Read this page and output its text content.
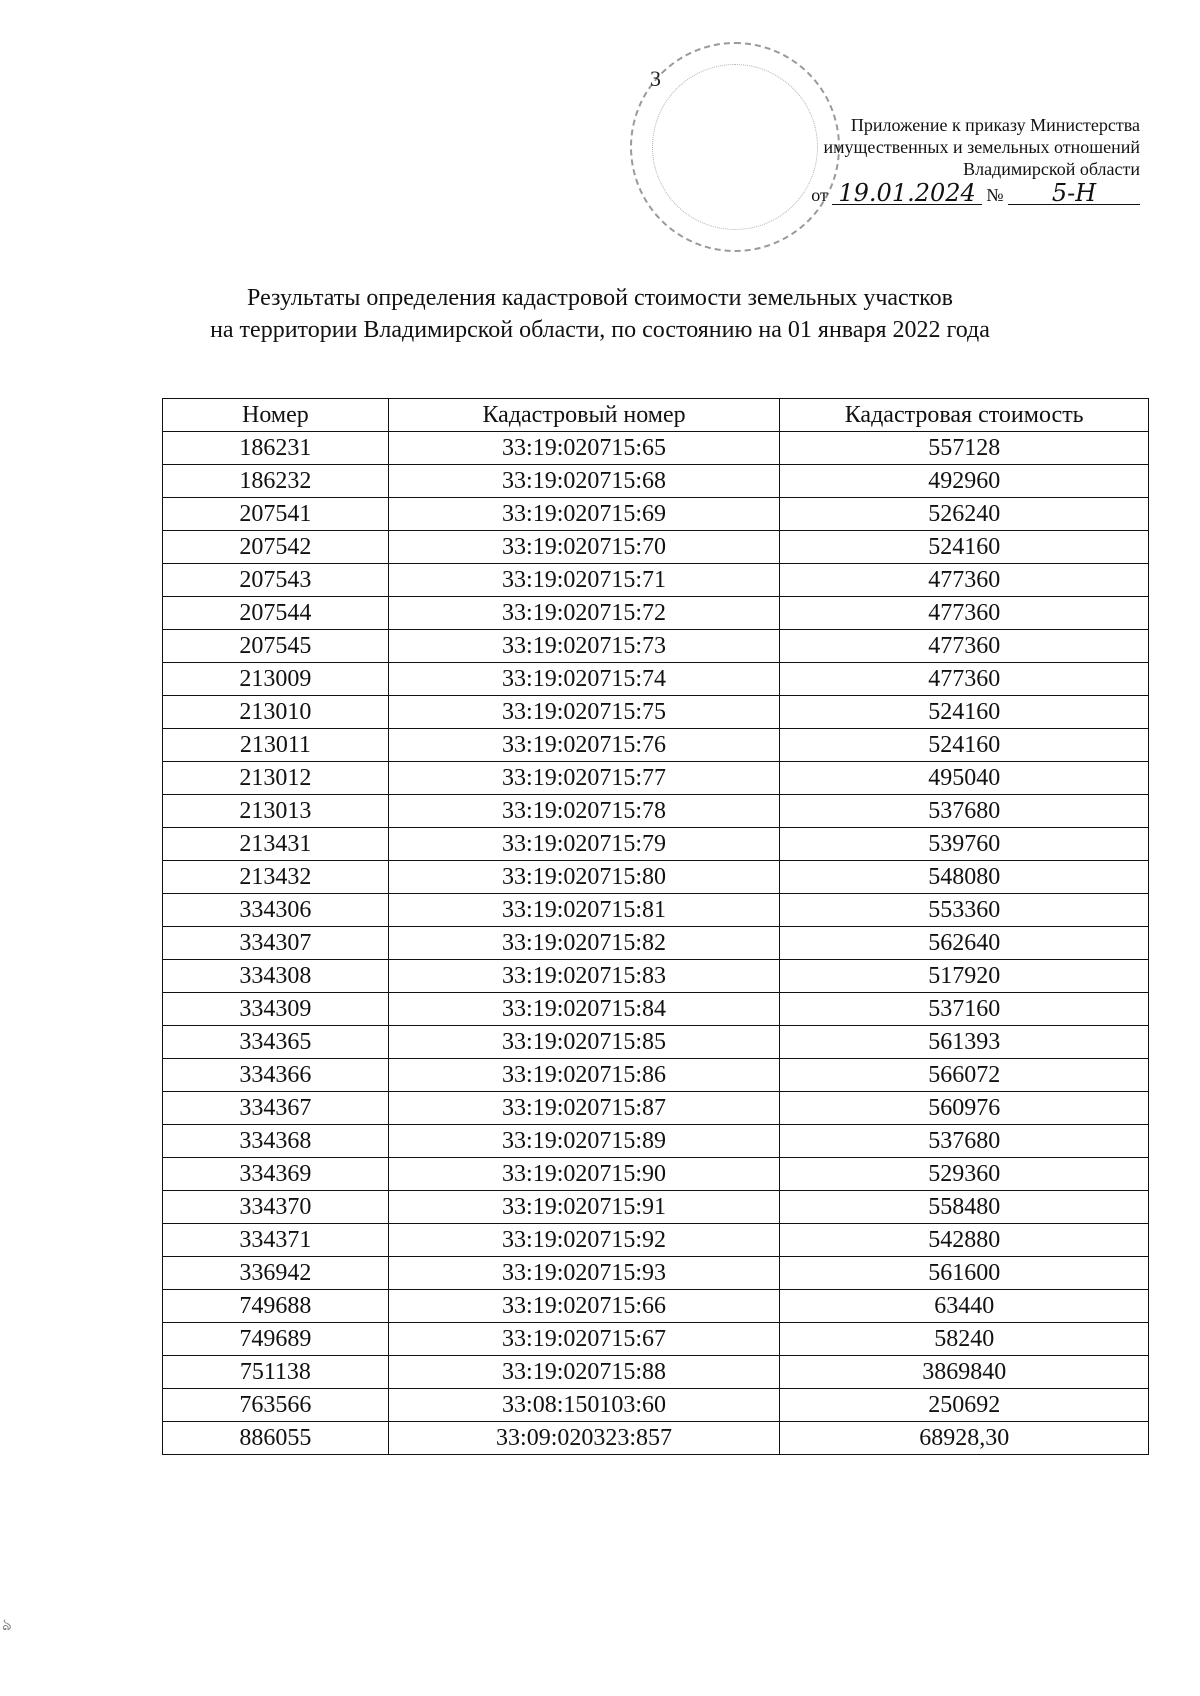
3
Приложение к приказу Министерства
имущественных и земельных отношений
Владимирской области
от 19.01.2024 № 5-Н
Результаты определения кадастровой стоимости земельных участков
на территории Владимирской области, по состоянию на 01 января 2022 года
Номер	Кадастровый номер	Кадастровая стоимость
186231	33:19:020715:65	557128
186232	33:19:020715:68	492960
207541	33:19:020715:69	526240
207542	33:19:020715:70	524160
207543	33:19:020715:71	477360
207544	33:19:020715:72	477360
207545	33:19:020715:73	477360
213009	33:19:020715:74	477360
213010	33:19:020715:75	524160
213011	33:19:020715:76	524160
213012	33:19:020715:77	495040
213013	33:19:020715:78	537680
213431	33:19:020715:79	539760
213432	33:19:020715:80	548080
334306	33:19:020715:81	553360
334307	33:19:020715:82	562640
334308	33:19:020715:83	517920
334309	33:19:020715:84	537160
334365	33:19:020715:85	561393
334366	33:19:020715:86	566072
334367	33:19:020715:87	560976
334368	33:19:020715:89	537680
334369	33:19:020715:90	529360
334370	33:19:020715:91	558480
334371	33:19:020715:92	542880
336942	33:19:020715:93	561600
749688	33:19:020715:66	63440
749689	33:19:020715:67	58240
751138	33:19:020715:88	3869840
763566	33:08:150103:60	250692
886055	33:09:020323:857	68928,30
ঌ
